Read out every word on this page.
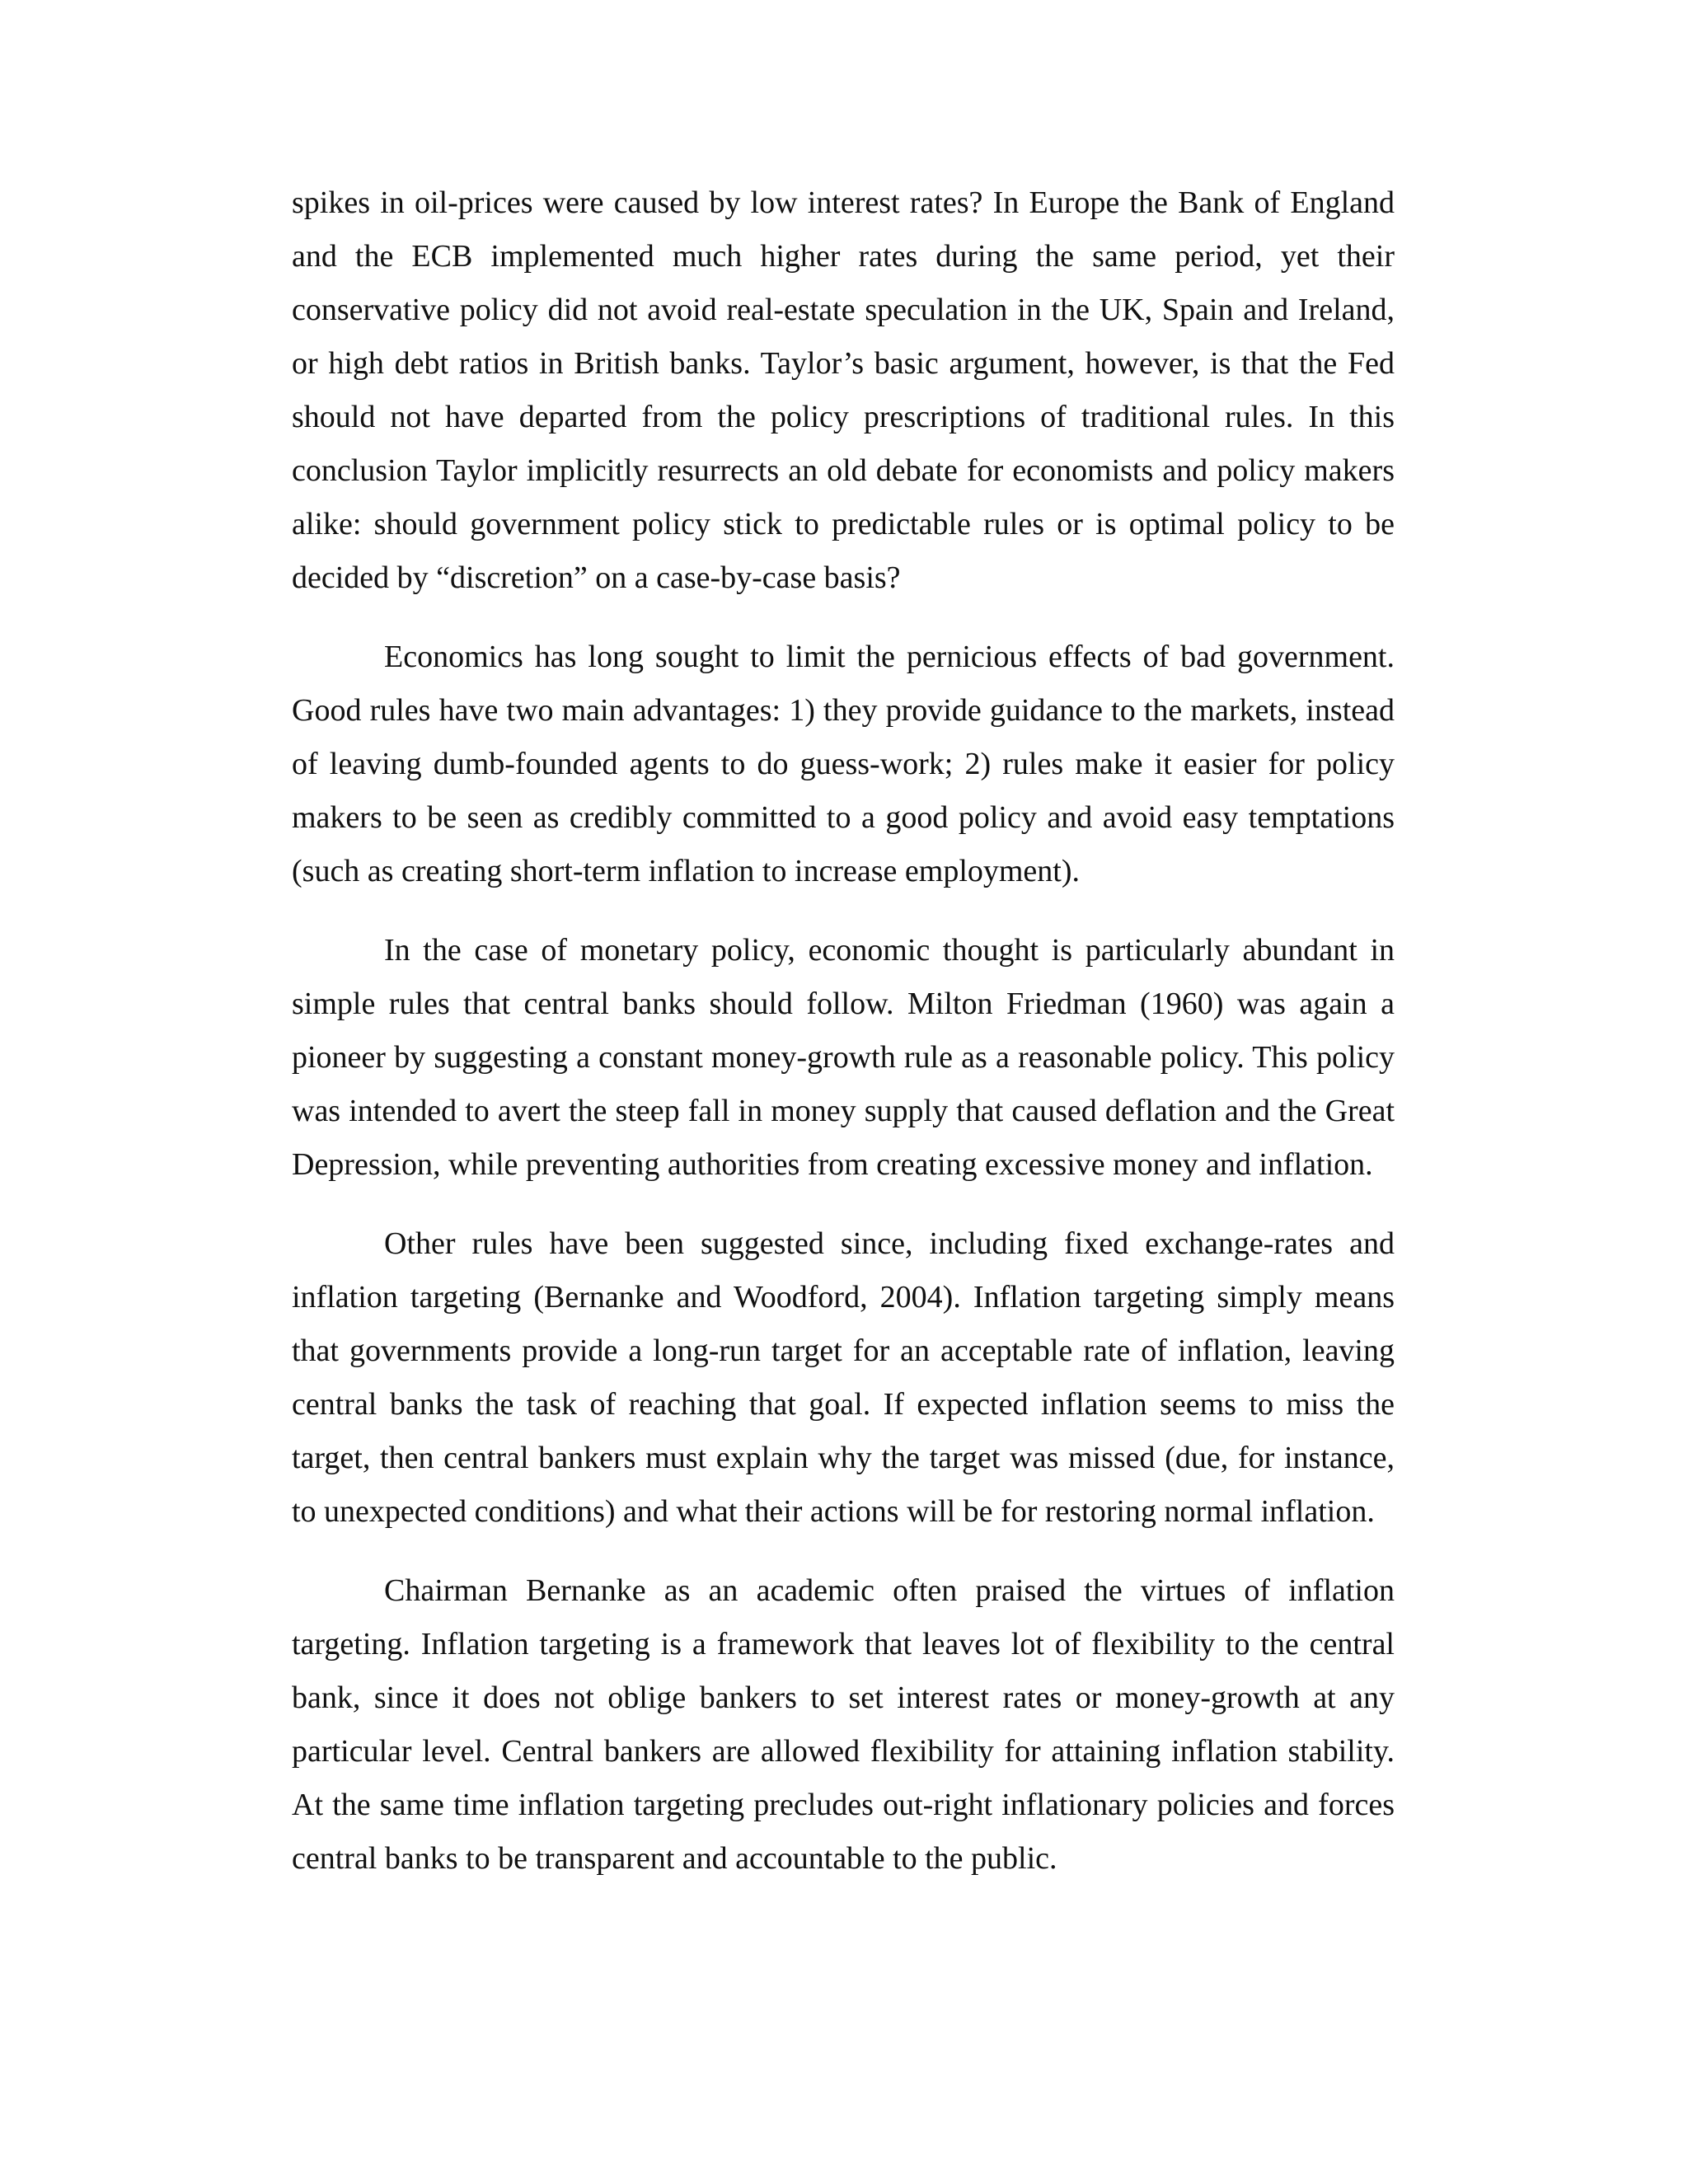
spikes in oil-prices were caused by low interest rates? In Europe the Bank of England and the ECB implemented much higher rates during the same period, yet their conservative policy did not avoid real-estate speculation in the UK, Spain and Ireland, or high debt ratios in British banks. Taylor’s basic argument, however, is that the Fed should not have departed from the policy prescriptions of traditional rules. In this conclusion Taylor implicitly resurrects an old debate for economists and policy makers alike: should government policy stick to predictable rules or is optimal policy to be decided by “discretion” on a case-by-case basis?

Economics has long sought to limit the pernicious effects of bad government. Good rules have two main advantages: 1) they provide guidance to the markets, instead of leaving dumb-founded agents to do guess-work; 2) rules make it easier for policy makers to be seen as credibly committed to a good policy and avoid easy temptations (such as creating short-term inflation to increase employment).

In the case of monetary policy, economic thought is particularly abundant in simple rules that central banks should follow. Milton Friedman (1960) was again a pioneer by suggesting a constant money-growth rule as a reasonable policy. This policy was intended to avert the steep fall in money supply that caused deflation and the Great Depression, while preventing authorities from creating excessive money and inflation.

Other rules have been suggested since, including fixed exchange-rates and inflation targeting (Bernanke and Woodford, 2004). Inflation targeting simply means that governments provide a long-run target for an acceptable rate of inflation, leaving central banks the task of reaching that goal. If expected inflation seems to miss the target, then central bankers must explain why the target was missed (due, for instance, to unexpected conditions) and what their actions will be for restoring normal inflation.

Chairman Bernanke as an academic often praised the virtues of inflation targeting. Inflation targeting is a framework that leaves lot of flexibility to the central bank, since it does not oblige bankers to set interest rates or money-growth at any particular level. Central bankers are allowed flexibility for attaining inflation stability. At the same time inflation targeting precludes out-right inflationary policies and forces central banks to be transparent and accountable to the public.
